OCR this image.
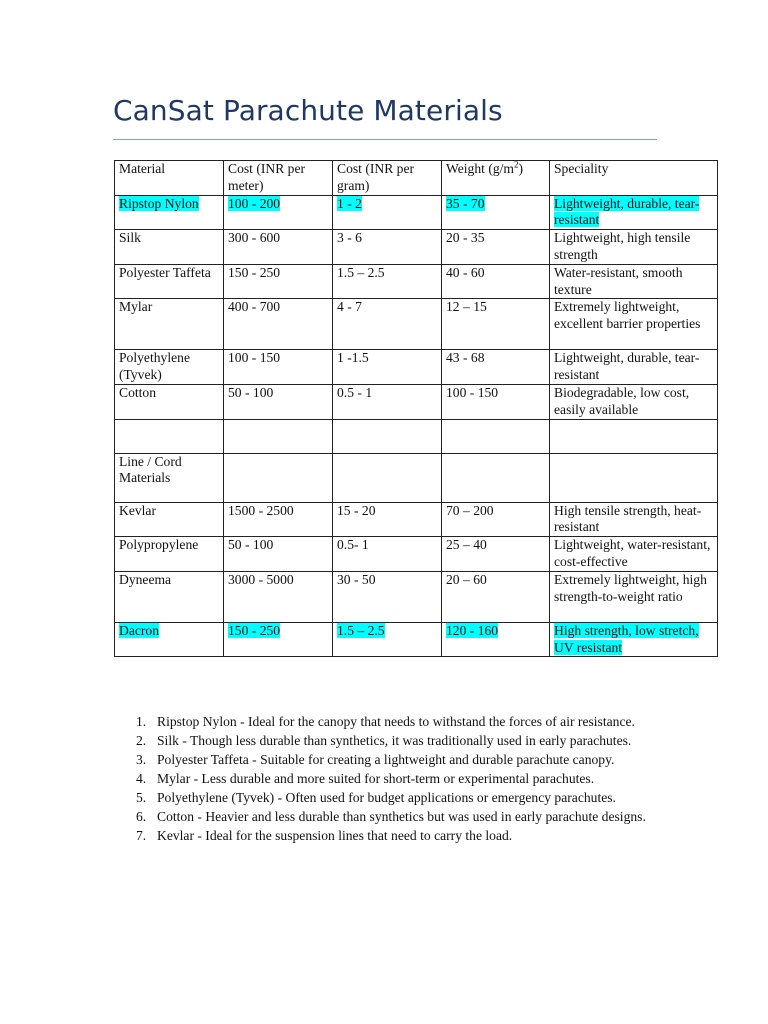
CanSat Parachute Materials
Material	Cost (INR per meter)	Cost (INR per gram)	Weight $(g/m^2)$	Speciality
Ripstop Nylon	100 - 200	1 - 2	35 - 70	Lightweight, durable, tear-resistant
Silk	300 - 600	3 - 6	20 - 35	Lightweight, high tensile strength
Polyester Taffeta	150 - 250	1.5 – 2.5	40 - 60	Water-resistant, smooth texture
Mylar	400 - 700	4 - 7	12 – 15	Extremely lightweight, excellent barrier properties
Polyethylene (Tyvek)	100 - 150	1 -1.5	43 - 68	Lightweight, durable, tear-resistant
Cotton	50 - 100	0.5 - 1	100 - 150	Biodegradable, low cost, easily available

Line / Cord Materials				
Kevlar	1500 - 2500	15 - 20	70 – 200	High tensile strength, heat-resistant
Polypropylene	50 - 100	0.5- 1	25 – 40	Lightweight, water-resistant, cost-effective
Dyneema	3000 - 5000	30 - 50	20 – 60	Extremely lightweight, high strength-to-weight ratio
Dacron	150 - 250	1.5 – 2.5	120 - 160	High strength, low stretch, UV resistant
1. Ripstop Nylon - Ideal for the canopy that needs to withstand the forces of air resistance.
2. Silk - Though less durable than synthetics, it was traditionally used in early parachutes.
3. Polyester Taffeta - Suitable for creating a lightweight and durable parachute canopy.
4. Mylar - Less durable and more suited for short-term or experimental parachutes.
5. Polyethylene (Tyvek) - Often used for budget applications or emergency parachutes.
6. Cotton - Heavier and less durable than synthetics but was used in early parachute designs.
7. Kevlar - Ideal for the suspension lines that need to carry the load.
